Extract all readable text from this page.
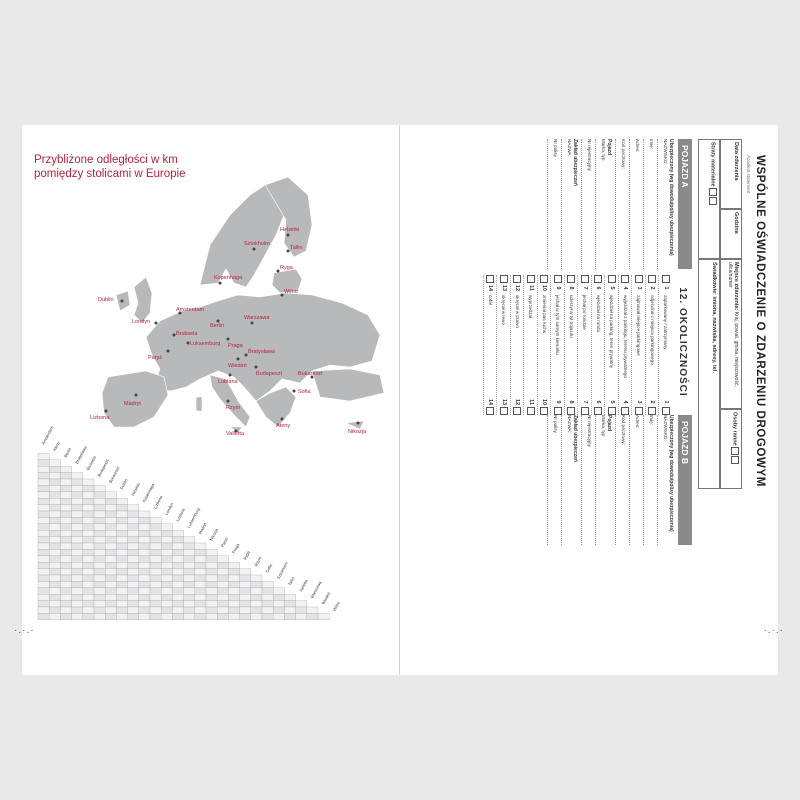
Przybliżone odległości w km
pomiędzy stolicami w Europie
Helsinki
Sztokholm
Tallin
Ryga
Kopenhaga
Wilno
Dublin
Amsterdam
Londyn
Berlin
Warszawa
Bruksela
Luksemburg Praga
Paryż
Bratysława
Wiedeń
Budapeszt
Lublana
Bukareszt
Sofia
Lizbona
Madryt
Rzym
Ateny
Nikozja
Valletta
Amsterdam
Ateny
Berlin Bratysława
Bruksela Budapeszt
Bukareszt
Dublin Helsinki Kopenhaga
Lizbona Londyn Lublana Luksemburg
Madryt Nikozja
Paryż
Praga
Ryga
Rzym
Sofia Sztokholm
Tallin Valletta Warszawa
Wiedeń
Wilno
·.·.·
WSPÓLNE OŚWIADCZENIE O ZDARZENIU DROGOWYM
Accident statement
Data zdarzenia
Godzina
Miejsce zdarzenia: Kraj, powiat, gmina, miejscowość, ulica/numer
Osoby ranne
Straty materialne
Świadkowie: imiona, nazwiska, adresy, tel.
POJAZD A
POJAZD B
Ubezpieczony (wg dowodu/polisy ubezpieczenia)
NAZWISKO:
Imię:
Adres:
Kod pocztowy:
Pojazd
Marka, typ
Nr rejestracyjny
Zakład ubezpieczeń
NAZWA:
Nr polisy
Ubezpieczony (wg dowodu/polisy ubezpieczenia)
NAZWISKO:
Imię:
Adres:
Kod pocztowy:
Pojazd
Marka, typ
Nr rejestracyjny
Zakład ubezpieczeń
NAZWA:
Nr polisy
12. OKOLICZNOŚCI
1
zaparkowany / zatrzymany
1
2
odjeżdżał z miejsca parkingowego
2
3
zajmował miejsce parkingowe
3
4
wyjeżdżał z parkingu, terenu prywatnego
4
5
wjeżdżał na parking, teren prywatny
5
6
wjeżdżał na rondo
6
7
jechał po rondzie
7
8
uderzył w tył pojazdu
8
9
jechał w tym samym kierunku
9
10
zmieniał pas ruchu
10
11
wyprzedzał
11
12
skręcał w prawo
12
13
skręcał w lewo
13
14
cofał
14
·.·.·
